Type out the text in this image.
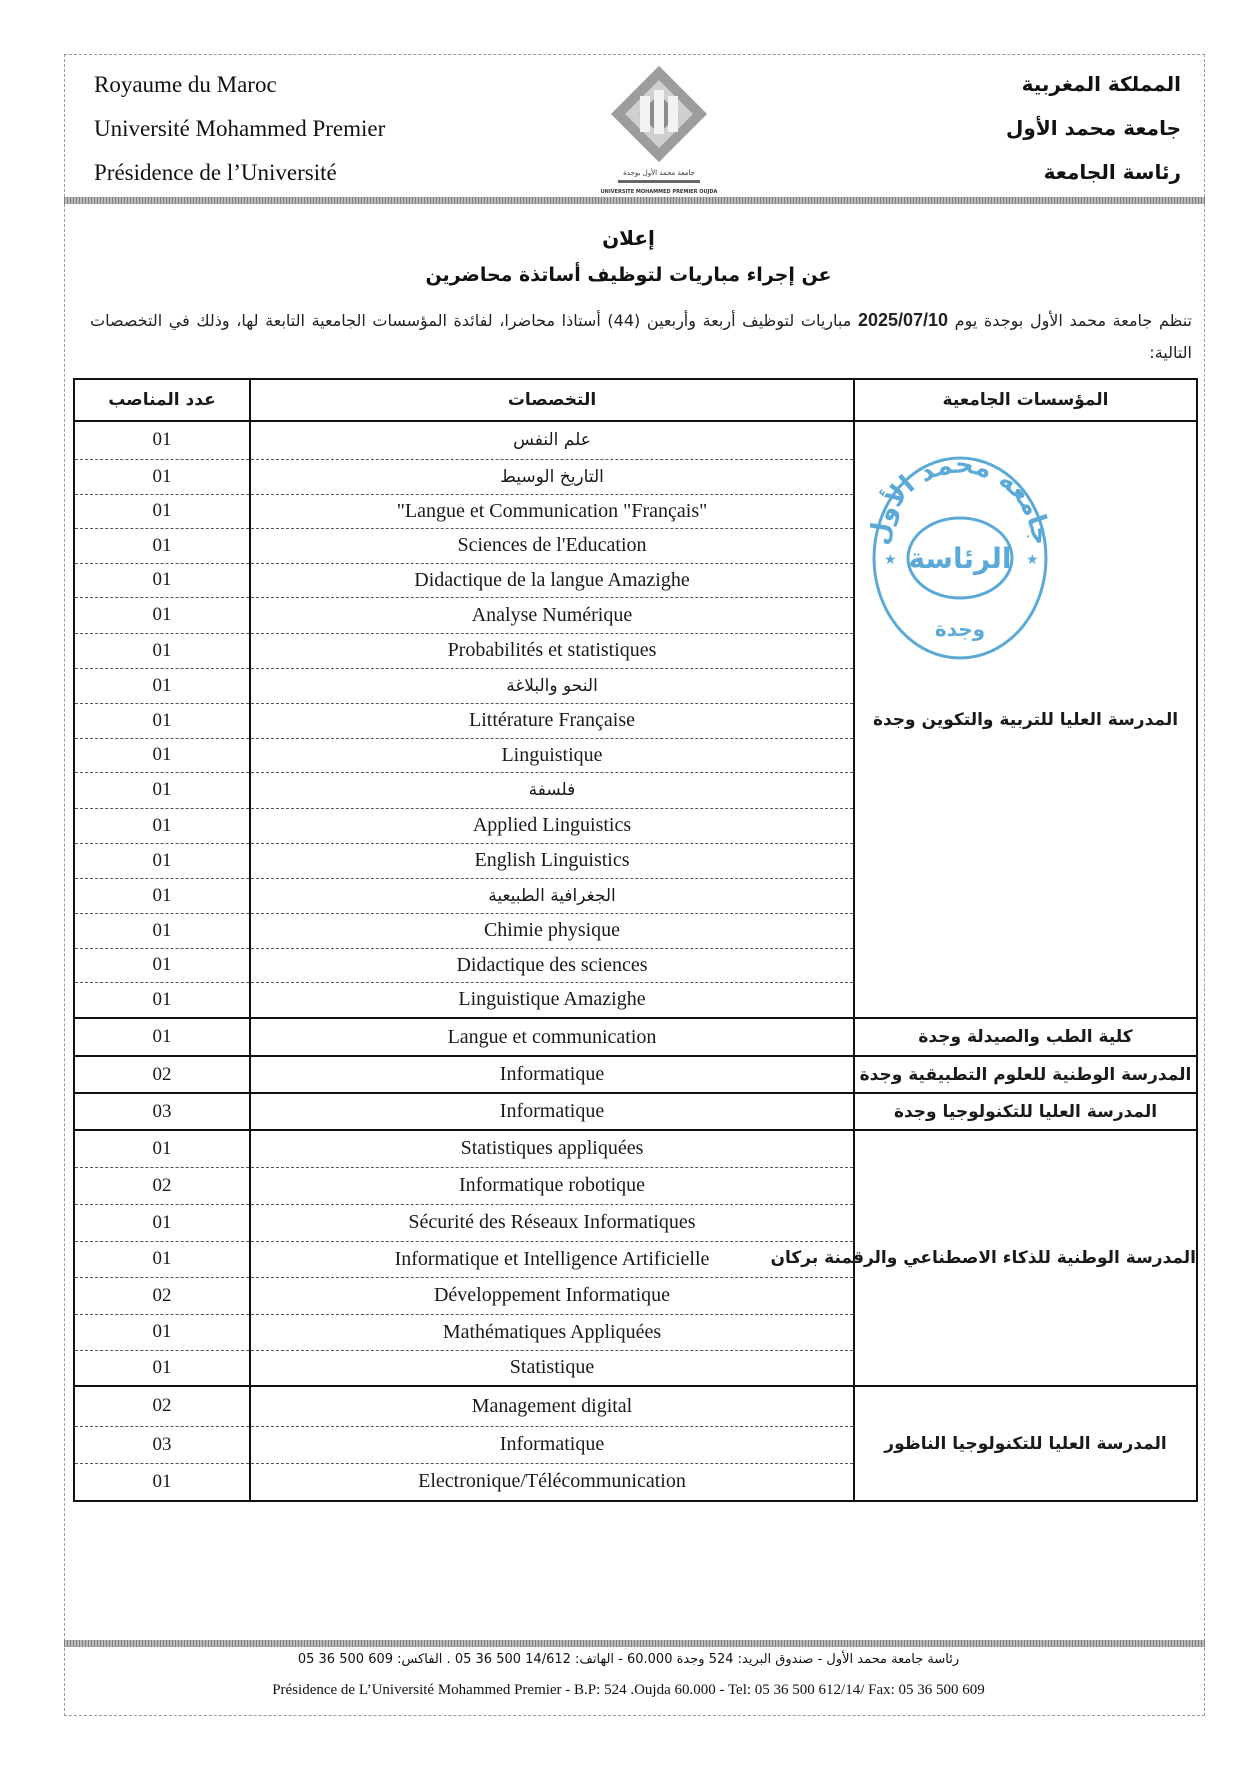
Royaume du Maroc
Université Mohammed Premier
Présidence de l’Université
المملكة المغربية
جامعة محمد الأول
رئاسة الجامعة
جامعة محمد الأول بوجدة
UNIVERSITE MOHAMMED PREMIER OUJDA
إعلان
عن إجراء مباريات لتوظيف أساتذة محاضرين
تنظم جامعة محمد الأول بوجدة يوم 2025/07/10 مباريات لتوظيف أربعة وأربعين (44) أستاذا محاضرا، لفائدة المؤسسات الجامعية التابعة لها، وذلك في التخصصات التالية:
عدد المناصب	التخصصات	المؤسسات الجامعية
01	علم النفس	المدرسة العليا للتربية والتكوين وجدة
01	التاريخ الوسيط	
01	"Langue et Communication "Français"	
01	Sciences de l'Education	
01	Didactique de la langue Amazighe	
01	Analyse Numérique	
01	Probabilités et statistiques	
01	النحو والبلاغة	
01	Littérature Française	
01	Linguistique	
01	فلسفة	
01	Applied Linguistics	
01	English Linguistics	
01	الجغرافية الطبيعية	
01	Chimie physique	
01	Didactique des sciences	
01	Linguistique Amazighe	
01	Langue et communication	كلية الطب والصيدلة وجدة
02	Informatique	المدرسة الوطنية للعلوم التطبيقية وجدة
03	Informatique	المدرسة العليا للتكنولوجيا وجدة
01	Statistiques appliquées	المدرسة الوطنية للذكاء الاصطناعي والرقمنة بركان
02	Informatique robotique	
01	Sécurité des Réseaux Informatiques	
01	Informatique et Intelligence Artificielle	
02	Développement Informatique	
01	Mathématiques Appliquées	
01	Statistique	
02	Management digital	المدرسة العليا للتكنولوجيا الناظور
03	Informatique	
01	Electronique/Télécommunication	
جامعة محمد الأول
الرئاسة
وجدة
★	★
رئاسة جامعة محمد الأول - صندوق البريد: 524 وجدة 60.000 - الهاتف: 14/612 500 36 05 . الفاكس: 609 500 36 05
Présidence de L’Université Mohammed Premier - B.P: 524 .Oujda 60.000 - Tel: 05 36 500 612/14/ Fax: 05 36 500 609
